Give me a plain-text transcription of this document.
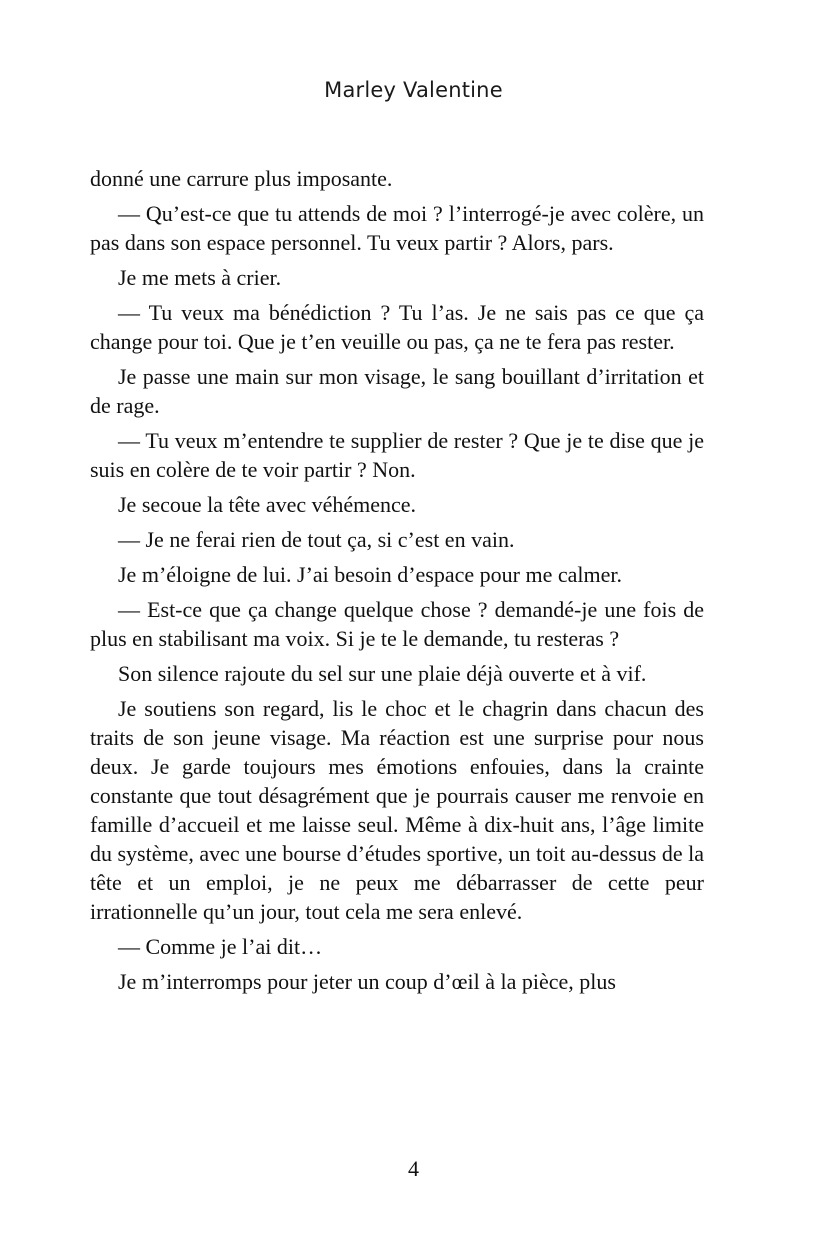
Marley Valentine

donné une carrure plus imposante.

— Qu’est-ce que tu attends de moi ? l’interrogé-je avec colère, un pas dans son espace personnel. Tu veux partir ? Alors, pars.

Je me mets à crier.

— Tu veux ma bénédiction ? Tu l’as. Je ne sais pas ce que ça change pour toi. Que je t’en veuille ou pas, ça ne te fera pas rester.

Je passe une main sur mon visage, le sang bouillant d’irritation et de rage.

— Tu veux m’entendre te supplier de rester ? Que je te dise que je suis en colère de te voir partir ? Non.

Je secoue la tête avec véhémence.

— Je ne ferai rien de tout ça, si c’est en vain.

Je m’éloigne de lui. J’ai besoin d’espace pour me calmer.

— Est-ce que ça change quelque chose ? demandé-je une fois de plus en stabilisant ma voix. Si je te le demande, tu resteras ?

Son silence rajoute du sel sur une plaie déjà ouverte et à vif.

Je soutiens son regard, lis le choc et le chagrin dans chacun des traits de son jeune visage. Ma réaction est une surprise pour nous deux. Je garde toujours mes émotions enfouies, dans la crainte constante que tout désagrément que je pourrais causer me renvoie en famille d’accueil et me laisse seul. Même à dix-huit ans, l’âge limite du système, avec une bourse d’études sportive, un toit au-dessus de la tête et un emploi, je ne peux me débarrasser de cette peur irrationnelle qu’un jour, tout cela me sera enlevé.

— Comme je l’ai dit…

Je m’interromps pour jeter un coup d’œil à la pièce, plus

4
